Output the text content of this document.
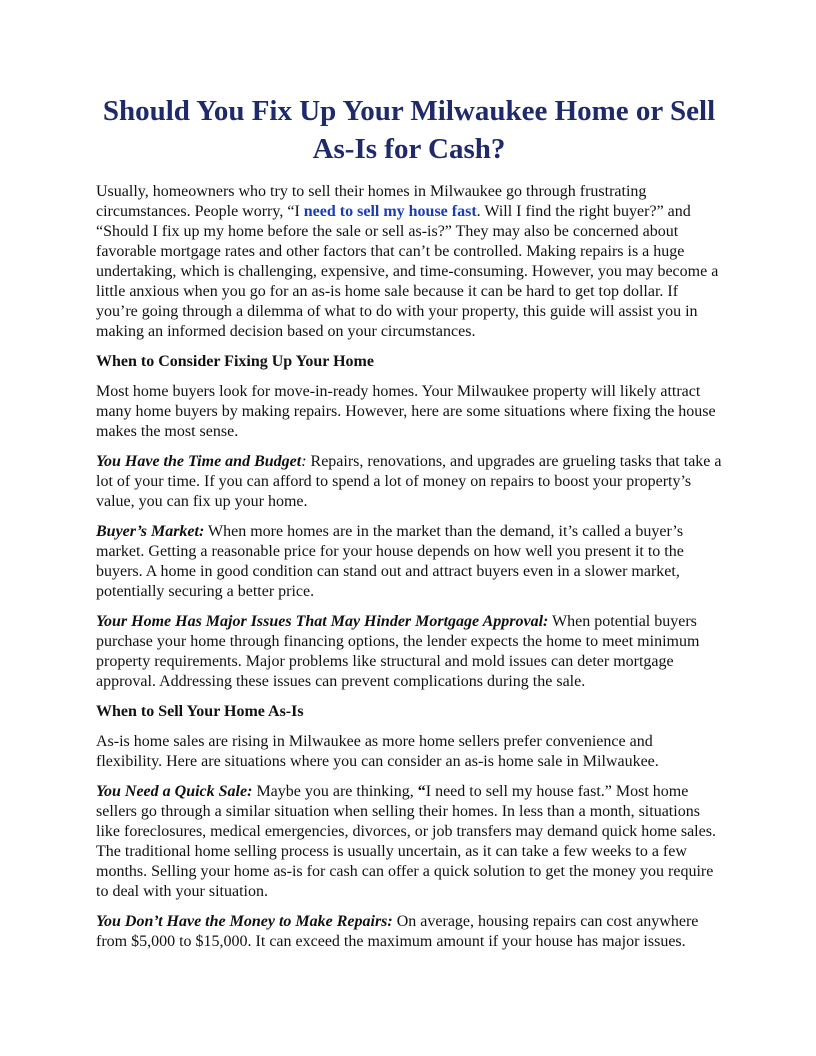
Should You Fix Up Your Milwaukee Home or Sell As-Is for Cash?

Usually, homeowners who try to sell their homes in Milwaukee go through frustrating circumstances. People worry, “I need to sell my house fast. Will I find the right buyer?” and “Should I fix up my home before the sale or sell as-is?” They may also be concerned about favorable mortgage rates and other factors that can’t be controlled. Making repairs is a huge undertaking, which is challenging, expensive, and time-consuming. However, you may become a little anxious when you go for an as-is home sale because it can be hard to get top dollar. If you’re going through a dilemma of what to do with your property, this guide will assist you in making an informed decision based on your circumstances.

When to Consider Fixing Up Your Home

Most home buyers look for move-in-ready homes. Your Milwaukee property will likely attract many home buyers by making repairs. However, here are some situations where fixing the house makes the most sense.

You Have the Time and Budget: Repairs, renovations, and upgrades are grueling tasks that take a lot of your time. If you can afford to spend a lot of money on repairs to boost your property’s value, you can fix up your home.

Buyer’s Market: When more homes are in the market than the demand, it’s called a buyer’s market. Getting a reasonable price for your house depends on how well you present it to the buyers. A home in good condition can stand out and attract buyers even in a slower market, potentially securing a better price.

Your Home Has Major Issues That May Hinder Mortgage Approval: When potential buyers purchase your home through financing options, the lender expects the home to meet minimum property requirements. Major problems like structural and mold issues can deter mortgage approval. Addressing these issues can prevent complications during the sale.

When to Sell Your Home As-Is

As-is home sales are rising in Milwaukee as more home sellers prefer convenience and flexibility. Here are situations where you can consider an as-is home sale in Milwaukee.

You Need a Quick Sale: Maybe you are thinking, “I need to sell my house fast.” Most home sellers go through a similar situation when selling their homes. In less than a month, situations like foreclosures, medical emergencies, divorces, or job transfers may demand quick home sales. The traditional home selling process is usually uncertain, as it can take a few weeks to a few months. Selling your home as-is for cash can offer a quick solution to get the money you require to deal with your situation.

You Don’t Have the Money to Make Repairs: On average, housing repairs can cost anywhere from $5,000 to $15,000. It can exceed the maximum amount if your house has major issues.
